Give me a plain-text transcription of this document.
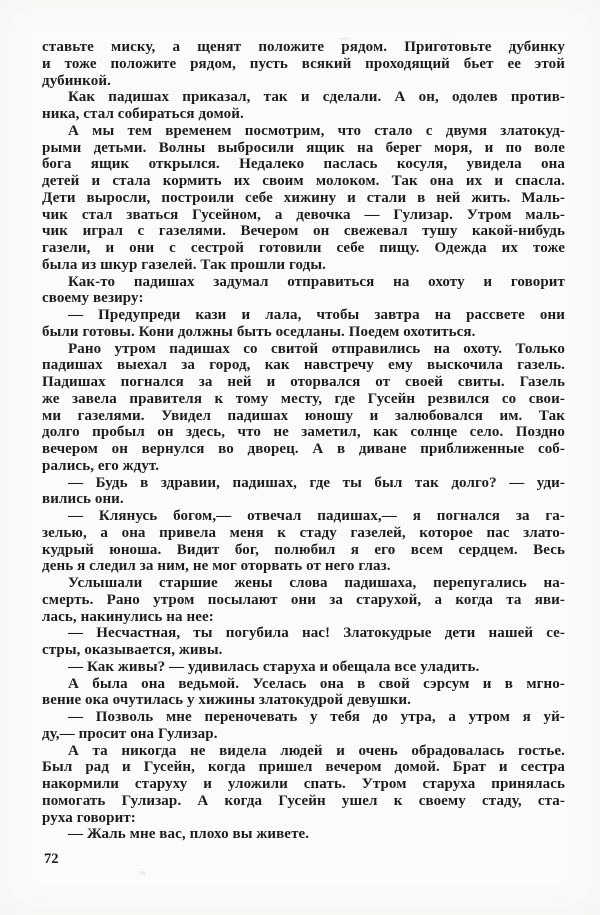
ставьте миску, а щенят положите рядом. Приготовьте дубинку
и тоже положите рядом, пусть всякий проходящий бьет ее этой
дубинкой.
Как падишах приказал, так и сделали. А он, одолев против-
ника, стал собираться домой.
А мы тем временем посмотрим, что стало с двумя златокуд-
рыми детьми. Волны выбросили ящик на берег моря, и по воле
бога ящик открылся. Недалеко паслась косуля, увидела она
детей и стала кормить их своим молоком. Так она их и спасла.
Дети выросли, построили себе хижину и стали в ней жить. Маль-
чик стал зваться Гусейном, а девочка — Гулизар. Утром маль-
чик играл с газелями. Вечером он свежевал тушу какой-нибудь
газели, и они с сестрой готовили себе пищу. Одежда их тоже
была из шкур газелей. Так прошли годы.
Как-то падишах задумал отправиться на охоту и говорит
своему везиру:
— Предупреди кази и лала, чтобы завтра на рассвете они
были готовы. Кони должны быть оседланы. Поедем охотиться.
Рано утром падишах со свитой отправились на охоту. Только
падишах выехал за город, как навстречу ему выскочила газель.
Падишах погнался за ней и оторвался от своей свиты. Газель
же завела правителя к тому месту, где Гусейн резвился со свои-
ми газелями. Увидел падишах юношу и залюбовался им. Так
долго пробыл он здесь, что не заметил, как солнце село. Поздно
вечером он вернулся во дворец. А в диване приближенные соб-
рались, его ждут.
— Будь в здравии, падишах, где ты был так долго? — уди-
вились они.
— Клянусь богом,— отвечал падишах,— я погнался за га-
зелью, а она привела меня к стаду газелей, которое пас злато-
кудрый юноша. Видит бог, полюбил я его всем сердцем. Весь
день я следил за ним, не мог оторвать от него глаз.
Услышали старшие жены слова падишаха, перепугались на-
смерть. Рано утром посылают они за старухой, а когда та яви-
лась, накинулись на нее:
— Несчастная, ты погубила нас! Златокудрые дети нашей се-
стры, оказывается, живы.
— Как живы? — удивилась старуха и обещала все уладить.
А была она ведьмой. Уселась она в свой сэрсум и в мгно-
вение ока очутилась у хижины златокудрой девушки.
— Позволь мне переночевать у тебя до утра, а утром я уй-
ду,— просит она Гулизар.
А та никогда не видела людей и очень обрадовалась гостье.
Был рад и Гусейн, когда пришел вечером домой. Брат и сестра
накормили старуху и уложили спать. Утром старуха принялась
помогать Гулизар. А когда Гусейн ушел к своему стаду, ста-
руха говорит:
— Жаль мне вас, плохо вы живете.
72
